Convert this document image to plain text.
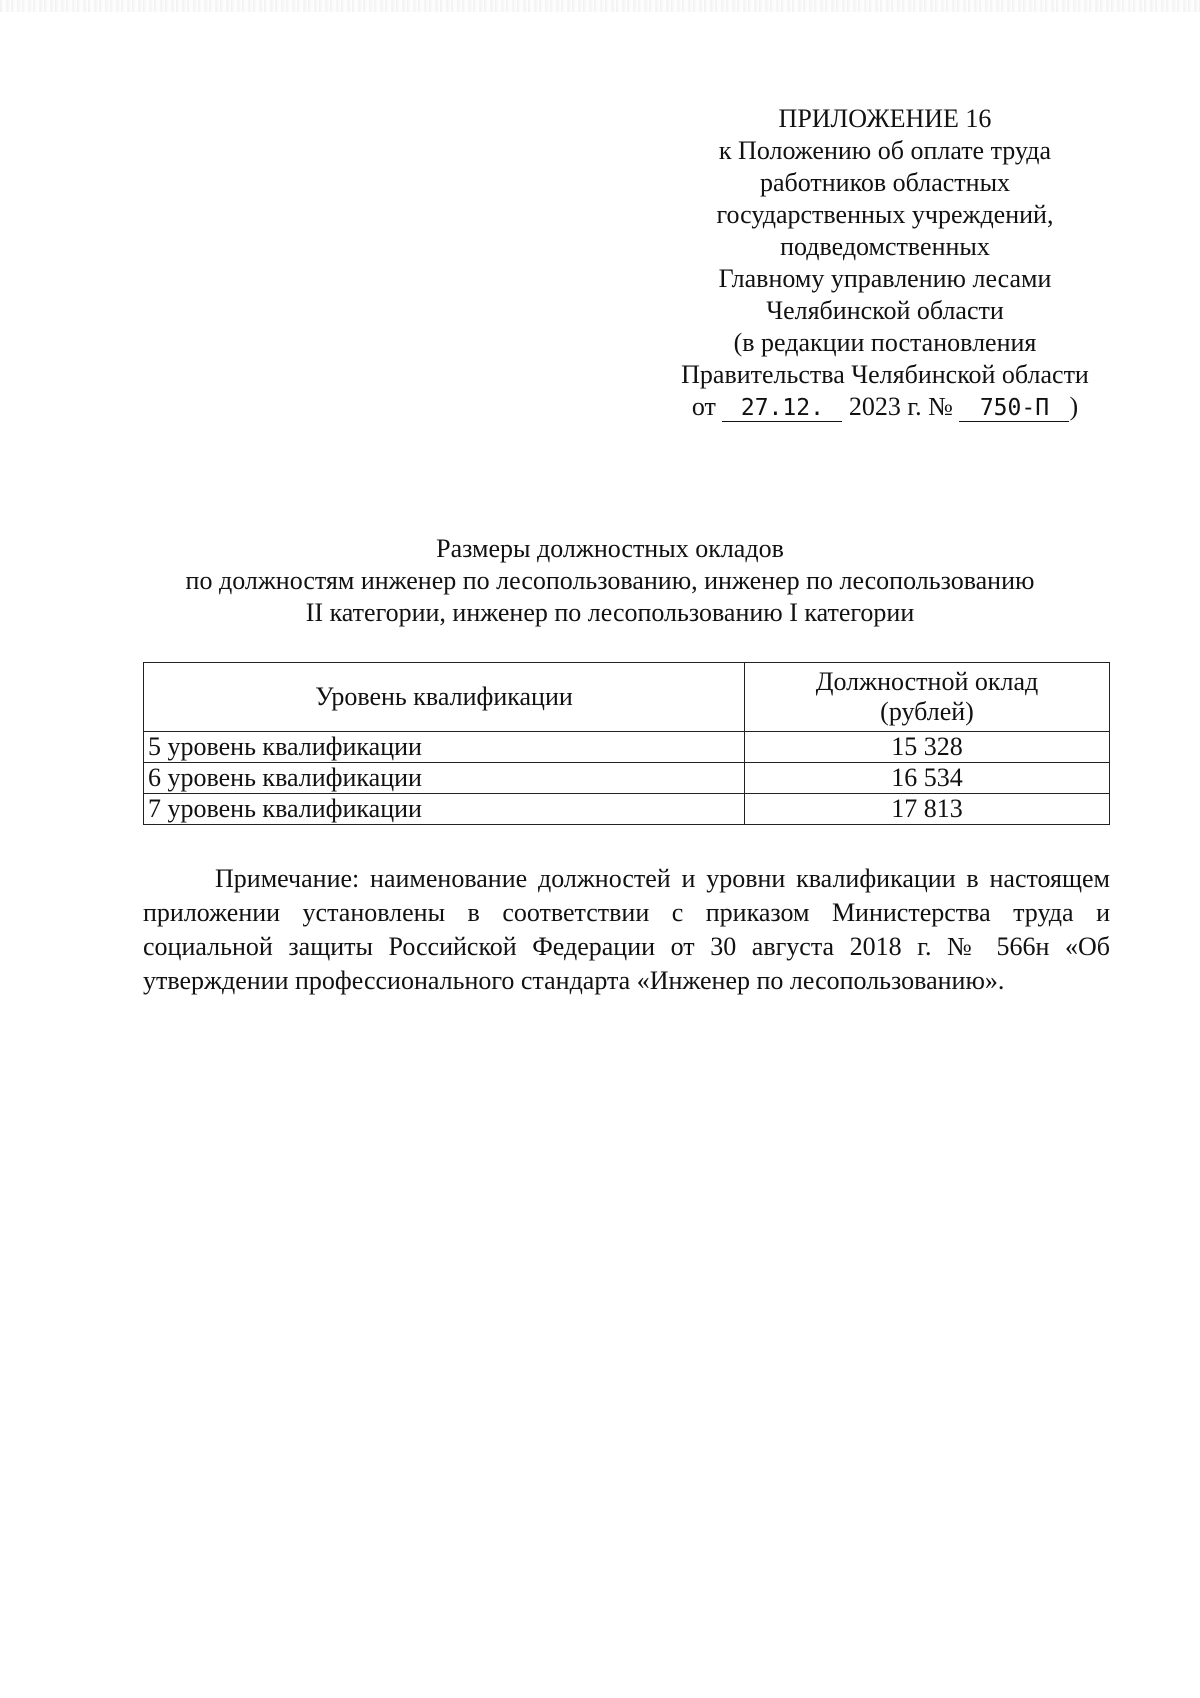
ПРИЛОЖЕНИЕ 16
к Положению об оплате труда
работников областных
государственных учреждений,
подведомственных
Главному управлению лесами
Челябинской области
(в редакции постановления
Правительства Челябинской области
от 27.12. 2023 г. № 750-П )
Размеры должностных окладов
по должностям инженер по лесопользованию, инженер по лесопользованию
II категории, инженер по лесопользованию I категории
Уровень квалификации	Должностной оклад
(рублей)

5 уровень квалификации	15 328
6 уровень квалификации	16 534
7 уровень квалификации	17 813
Примечание: наименование должностей и уровни квалификации в настоящем приложении установлены в соответствии с приказом Министерства труда и социальной защиты Российской Федерации от 30 августа 2018 г. № 566н «Об утверждении профессионального стандарта «Инженер по лесопользованию».
